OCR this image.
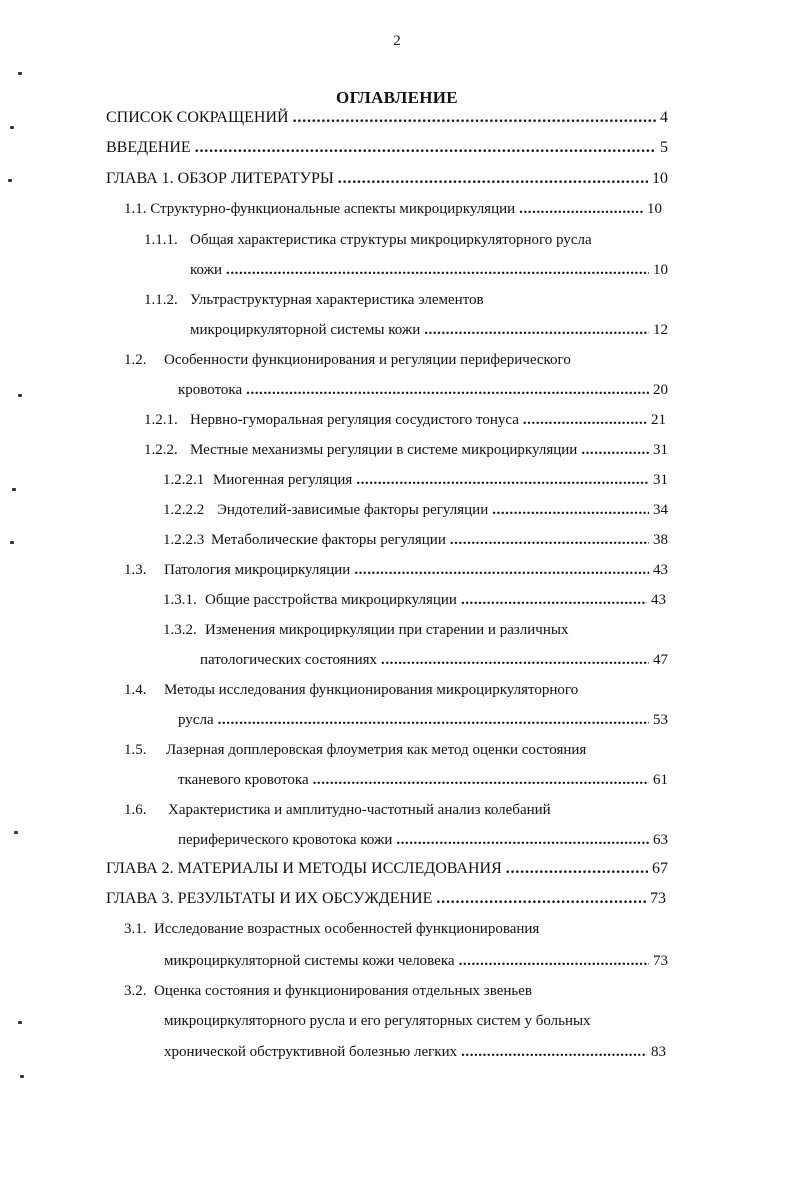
2
ОГЛАВЛЕНИЕ
СПИСОК СОКРАЩЕНИЙ . . .	4
ВВЕДЕНИЕ . . .	5
ГЛАВА 1. ОБЗОР ЛИТЕРАТУРЫ . . .	10
1.1. Структурно-функциональные аспекты микроциркуляции . . .	10
1.1.1. Общая характеристика структуры микроциркуляторного русла
кожи . . .	10
1.1.2. Ультраструктурная характеристика элементов
микроциркуляторной системы кожи . . .	12
1.2. Особенности функционирования и регуляции периферического
кровотока . . .	20
1.2.1. Нервно-гуморальная регуляция сосудистого тонуса . . .	21
1.2.2. Местные механизмы регуляции в системе микроциркуляции . . .	31
1.2.2.1 Миогенная регуляция . . .	31
1.2.2.2 Эндотелий-зависимые факторы регуляции . . .	34
1.2.2.3 Метаболические факторы регуляции . . .	38
1.3.	Патология микроциркуляции . . .	43
1.3.1. Общие расстройства микроциркуляции . . .	43
1.3.2. Изменения микроциркуляции при старении и различных
патологических состояниях . . .	47
1.4. Методы исследования функционирования микроциркуляторного
русла . . .	53
1.5. Лазерная допплеровская флоуметрия как метод оценки состояния
тканевого кровотока . . .	61
1.6. Характеристика и амплитудно-частотный анализ колебаний
периферического кровотока кожи . . .	63
ГЛАВА 2. МАТЕРИАЛЫ И МЕТОДЫ ИССЛЕДОВАНИЯ . . .	67
ГЛАВА 3. РЕЗУЛЬТАТЫ И ИХ ОБСУЖДЕНИЕ . . .	73
3.1. Исследование возрастных особенностей функционирования
микроциркуляторной системы кожи человека . . .	73
3.2. Оценка состояния и функционирования отдельных звеньев
микроциркуляторного русла и его регуляторных систем у больных
хронической обструктивной болезнью легких . . .	83
